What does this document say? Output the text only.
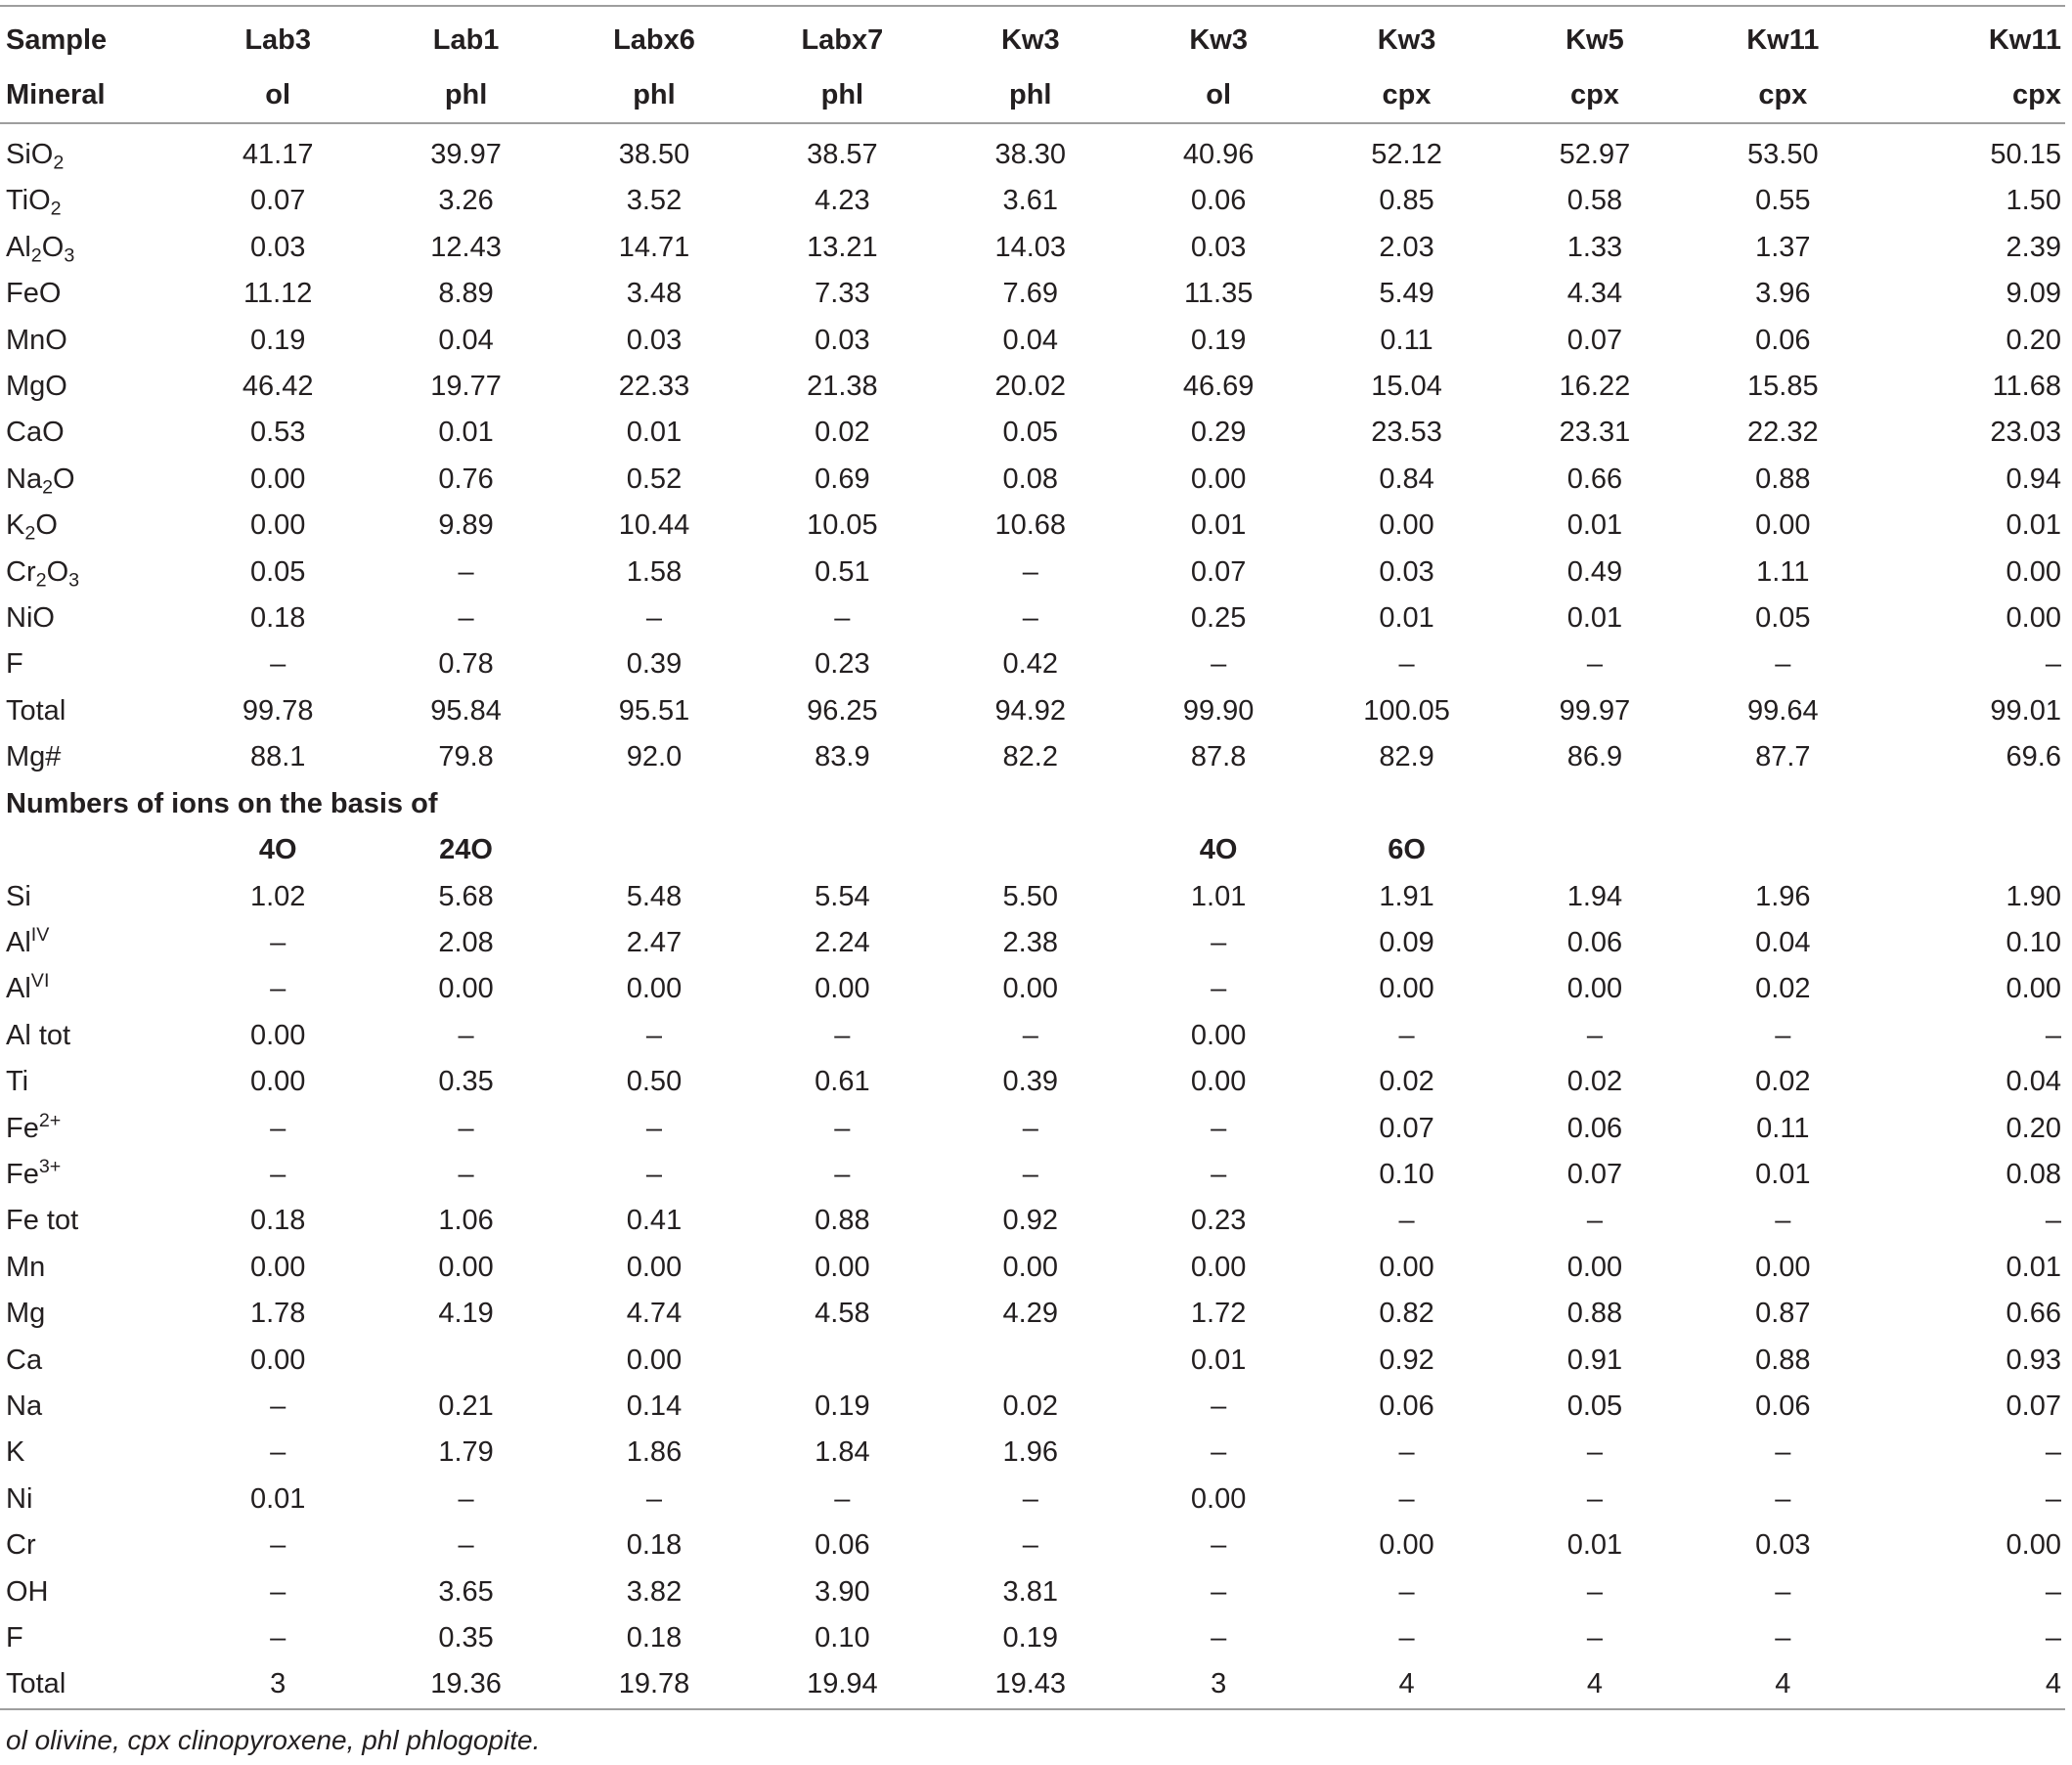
Sample	Lab3	Lab1	Labx6	Labx7	Kw3	Kw3	Kw3	Kw5	Kw11	Kw11
Mineral	ol	phl	phl	phl	phl	ol	cpx	cpx	cpx	cpx
SiO$_2$	41.17	39.97	38.50	38.57	38.30	40.96	52.12	52.97	53.50	50.15
TiO$_2$	0.07	3.26	3.52	4.23	3.61	0.06	0.85	0.58	0.55	1.50
$Al_2O_3$	0.03	12.43	14.71	13.21	14.03	0.03	2.03	1.33	1.37	2.39
FeO	11.12	8.89	3.48	7.33	7.69	11.35	5.49	4.34	3.96	9.09
MnO	0.19	0.04	0.03	0.03	0.04	0.19	0.11	0.07	0.06	0.20
MgO	46.42	19.77	22.33	21.38	20.02	46.69	15.04	16.22	15.85	11.68
CaO	0.53	0.01	0.01	0.02	0.05	0.29	23.53	23.31	22.32	23.03
$Na_2O$	0.00	0.76	0.52	0.69	0.08	0.00	0.84	0.66	0.88	0.94
$K_2O$	0.00	9.89	10.44	10.05	10.68	0.01	0.00	0.01	0.00	0.01
$Cr_2O_3$	0.05	–	1.58	0.51	–	0.07	0.03	0.49	1.11	0.00
NiO	0.18	–	–	–	–	0.25	0.01	0.01	0.05	0.00
F	–	0.78	0.39	0.23	0.42	–	–	–	–	–
Total	99.78	95.84	95.51	96.25	94.92	99.90	100.05	99.97	99.64	99.01
Mg#	88.1	79.8	92.0	83.9	82.2	87.8	82.9	86.9	87.7	69.6
Numbers of ions on the basis of										
	4O	24O				4O	6O			
Si	1.02	5.68	5.48	5.54	5.50	1.01	1.91	1.94	1.96	1.90
$Al^{IV}$	–	2.08	2.47	2.24	2.38	–	0.09	0.06	0.04	0.10
$Al^{VI}$	–	0.00	0.00	0.00	0.00	–	0.00	0.00	0.02	0.00
Al tot	0.00	–	–	–	–	0.00	–	–	–	–
Ti	0.00	0.35	0.50	0.61	0.39	0.00	0.02	0.02	0.02	0.04
$Fe^{2+}$	–	–	–	–	–	–	0.07	0.06	0.11	0.20
$Fe^{3+}$	–	–	–	–	–	–	0.10	0.07	0.01	0.08
Fe tot	0.18	1.06	0.41	0.88	0.92	0.23	–	–	–	–
Mn	0.00	0.00	0.00	0.00	0.00	0.00	0.00	0.00	0.00	0.01
Mg	1.78	4.19	4.74	4.58	4.29	1.72	0.82	0.88	0.87	0.66
Ca	0.00		0.00			0.01	0.92	0.91	0.88	0.93
Na	–	0.21	0.14	0.19	0.02	–	0.06	0.05	0.06	0.07
K	–	1.79	1.86	1.84	1.96	–	–	–	–	–
Ni	0.01	–	–	–	–	0.00	–	–	–	–
Cr	–	–	0.18	0.06	–	–	0.00	0.01	0.03	0.00
OH	–	3.65	3.82	3.90	3.81	–	–	–	–	–
F	–	0.35	0.18	0.10	0.19	–	–	–	–	–
Total	3	19.36	19.78	19.94	19.43	3	4	4	4	4
ol olivine, cpx clinopyroxene, phl phlogopite.
